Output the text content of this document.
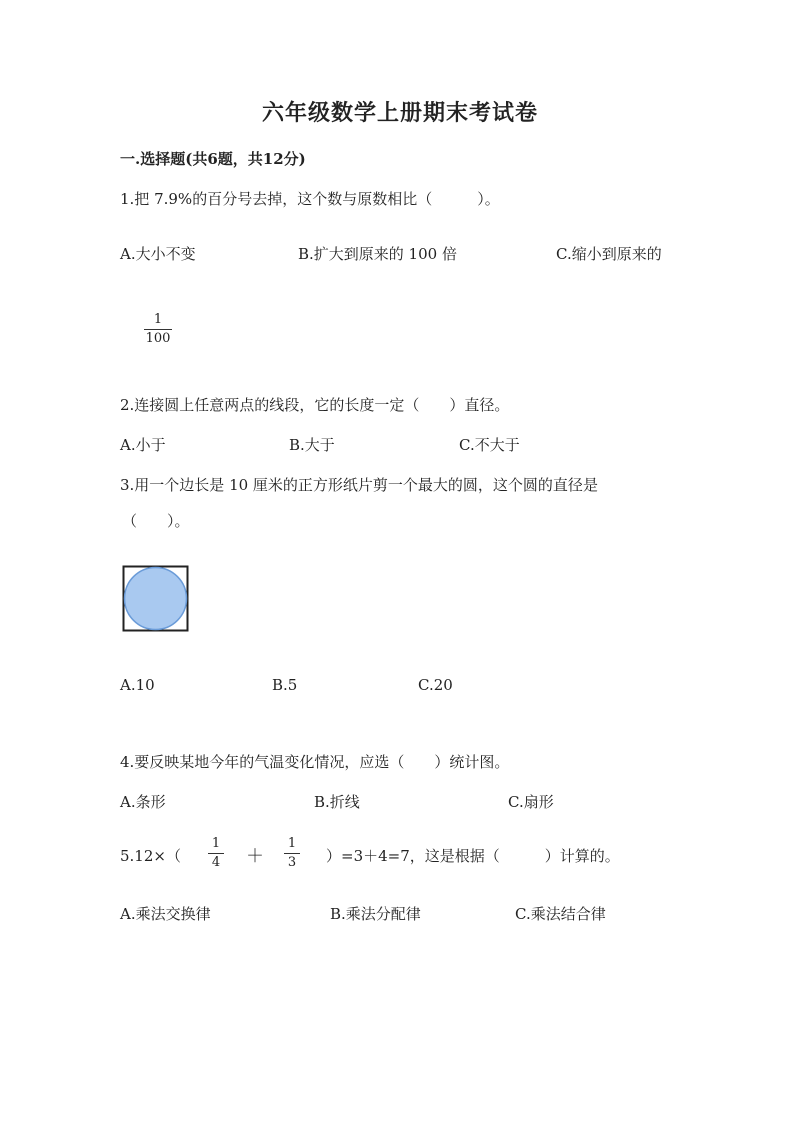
六年级数学上册期末考试卷
一.选择题(共6题，共12分)
1.把 7.9%的百分号去掉，这个数与原数相比（　　　）。
A.大小不变	B.扩大到原来的 100 倍	C.缩小到原来的
1
100
2.连接圆上任意两点的线段，它的长度一定（　　）直径。
A.小于	B.大于	C.不大于
3.用一个边长是 10 厘米的正方形纸片剪一个最大的圆，这个圆的直径是
（　　）。
A.10	B.5	C.20
4.要反映某地今年的气温变化情况，应选（　　）统计图。
A.条形	B.折线	C.扇形
5.12×（
1
4 ＋
1
3 ）=3＋4=7，这是根据（　　　）计算的。
A.乘法交换律	B.乘法分配律	C.乘法结合律
